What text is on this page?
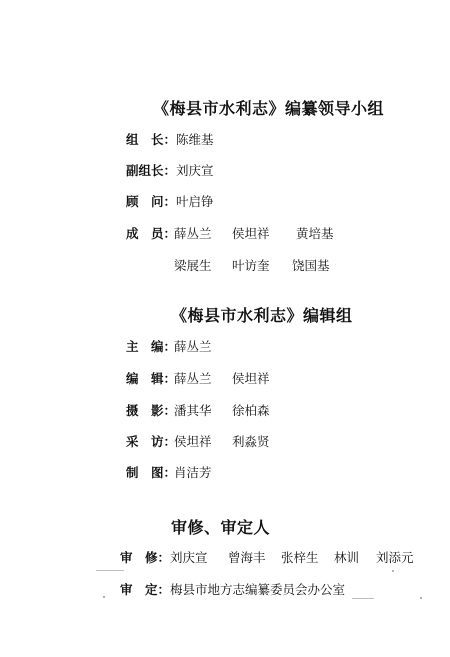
《梅县市水利志》编纂领导小组
组　长： 陈维基
副组长： 刘庆宣
顾　问： 叶启铮
成　员：
薛丛兰 侯坦祥 黄培基
梁展生 叶访奎 饶国基
《梅县市水利志》编辑组
主　编：
薛丛兰
编　辑：
薛丛兰 侯坦祥
摄　影：
潘其华 徐柏森
采　访：
侯坦祥 利淼贤
制　图：
肖洁芳
审修、审定人
审　修： 刘庆宣 曾海丰 张梓生 林训 刘添元
审　定： 梅县市地方志编纂委员会办公室
